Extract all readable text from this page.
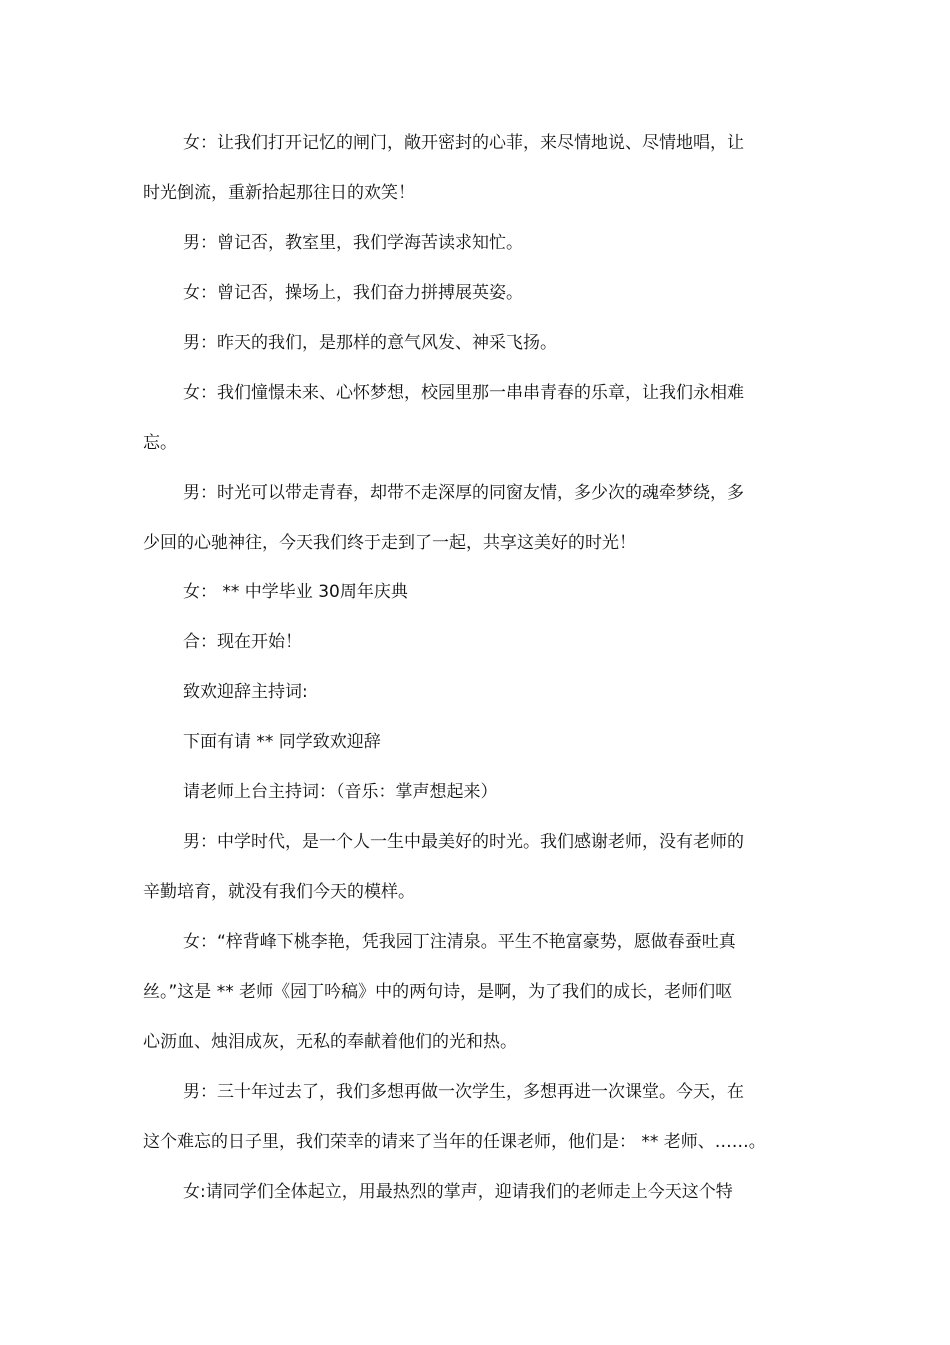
女：让我们打开记忆的闸门，敞开密封的心菲，来尽情地说、尽情地唱，让
时光倒流，重新拾起那往日的欢笑！
男：曾记否，教室里，我们学海苦读求知忙。
女：曾记否，操场上，我们奋力拼搏展英姿。
男：昨天的我们，是那样的意气风发、神采飞扬。
女：我们憧憬未来、心怀梦想，校园里那一串串青春的乐章，让我们永相难
忘。
男：时光可以带走青春，却带不走深厚的同窗友情，多少次的魂牵梦绕，多
少回的心驰神往，今天我们终于走到了一起，共享这美好的时光！
女： ** 中学毕业 30周年庆典
合：现在开始！
致欢迎辞主持词:
下面有请 ** 同学致欢迎辞
请老师上台主持词：（音乐：掌声想起来）
男：中学时代，是一个人一生中最美好的时光。我们感谢老师，没有老师的
辛勤培育，就没有我们今天的模样。
女：“梓背峰下桃李艳，凭我园丁注清泉。平生不艳富豪势，愿做春蚕吐真
丝。”这是 ** 老师《园丁吟稿》中的两句诗，是啊，为了我们的成长，老师们呕
心沥血、烛泪成灰，无私的奉献着他们的光和热。
男：三十年过去了，我们多想再做一次学生，多想再进一次课堂。今天，在
这个难忘的日子里，我们荣幸的请来了当年的任课老师，他们是： ** 老师、……。
女:请同学们全体起立，用最热烈的掌声，迎请我们的老师走上今天这个特
